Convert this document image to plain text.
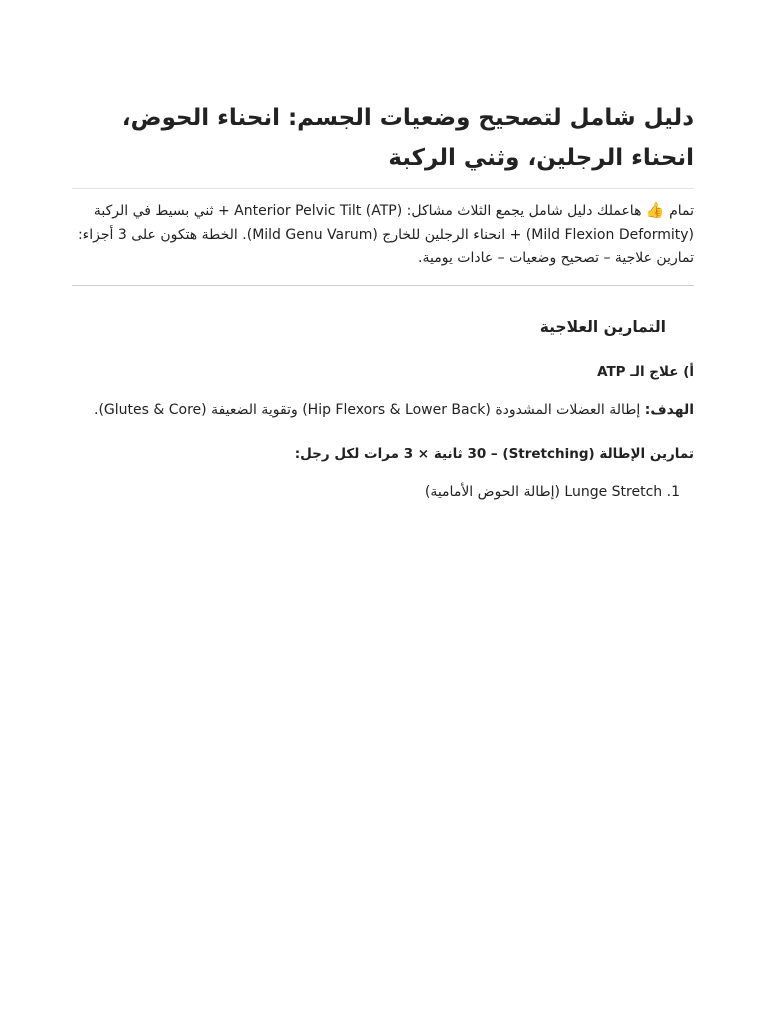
دليل شامل لتصحيح وضعيات الجسم: انحناء الحوض، انحناء الرجلين، وثني الركبة
تمام 👍 هاعملك دليل شامل يجمع الثلاث مشاكل: Anterior Pelvic Tilt (ATP) + ثني بسيط في الركبة
(Mild Flexion Deformity) + انحناء الرجلين للخارج (Mild Genu Varum). الخطة هتكون على 3 أجزاء:
تمارين علاجية – تصحيح وضعيات – عادات يومية.
التمارين العلاجية
أ) علاج الـ ATP
الهدف: إطالة العضلات المشدودة (Hip Flexors & Lower Back) وتقوية الضعيفة (Glutes & Core).
تمارين الإطالة (Stretching) – 30 ثانية × 3 مرات لكل رجل:
1. Lunge Stretch (إطالة الحوض الأمامية)
